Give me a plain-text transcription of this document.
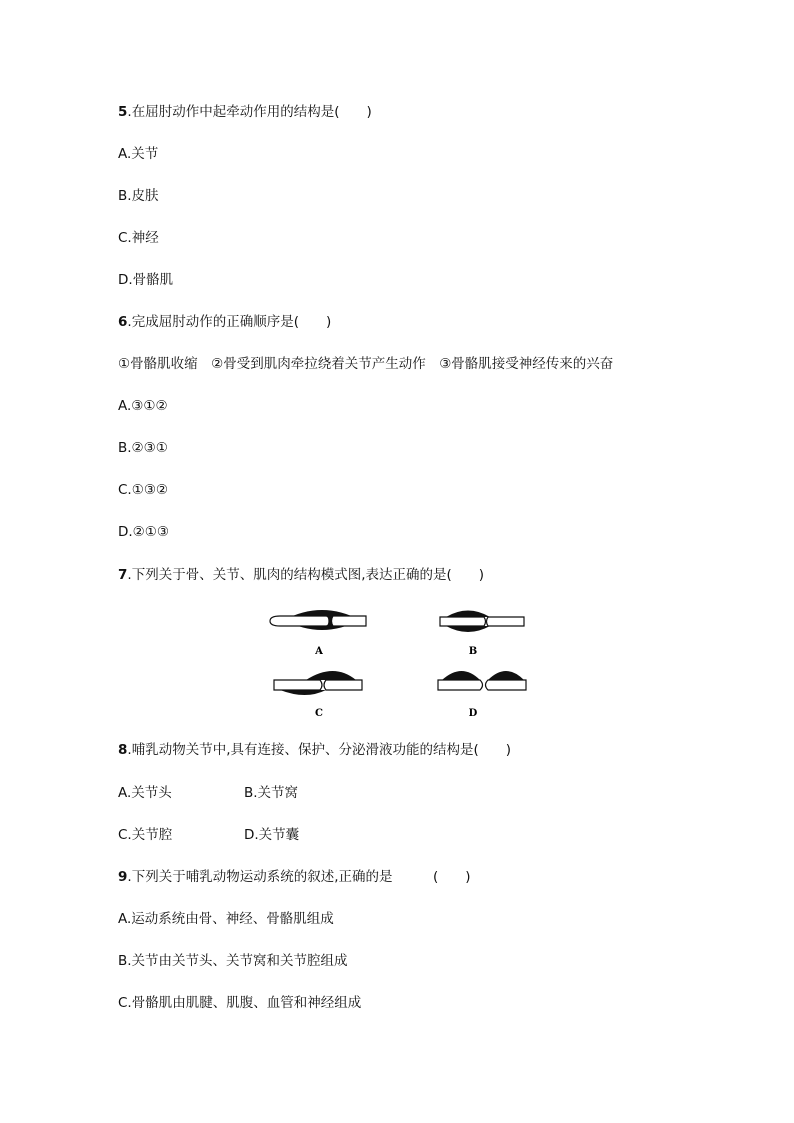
5.在屈肘动作中起牵动作用的结构是(　　)
A.关节
B.皮肤
C.神经
D.骨骼肌
6.完成屈肘动作的正确顺序是(　　)
①骨骼肌收缩　②骨受到肌肉牵拉绕着关节产生动作　③骨骼肌接受神经传来的兴奋
A.③①②
B.②③①
C.①③②
D.②①③
7.下列关于骨、关节、肌肉的结构模式图,表达正确的是(　　)
A	B
C	D
8.哺乳动物关节中,具有连接、保护、分泌滑液功能的结构是(　　)
A.关节头	B.关节窝
C.关节腔	D.关节囊
9.下列关于哺乳动物运动系统的叙述,正确的是　　　(　　)
A.运动系统由骨、神经、骨骼肌组成
B.关节由关节头、关节窝和关节腔组成
C.骨骼肌由肌腱、肌腹、血管和神经组成
